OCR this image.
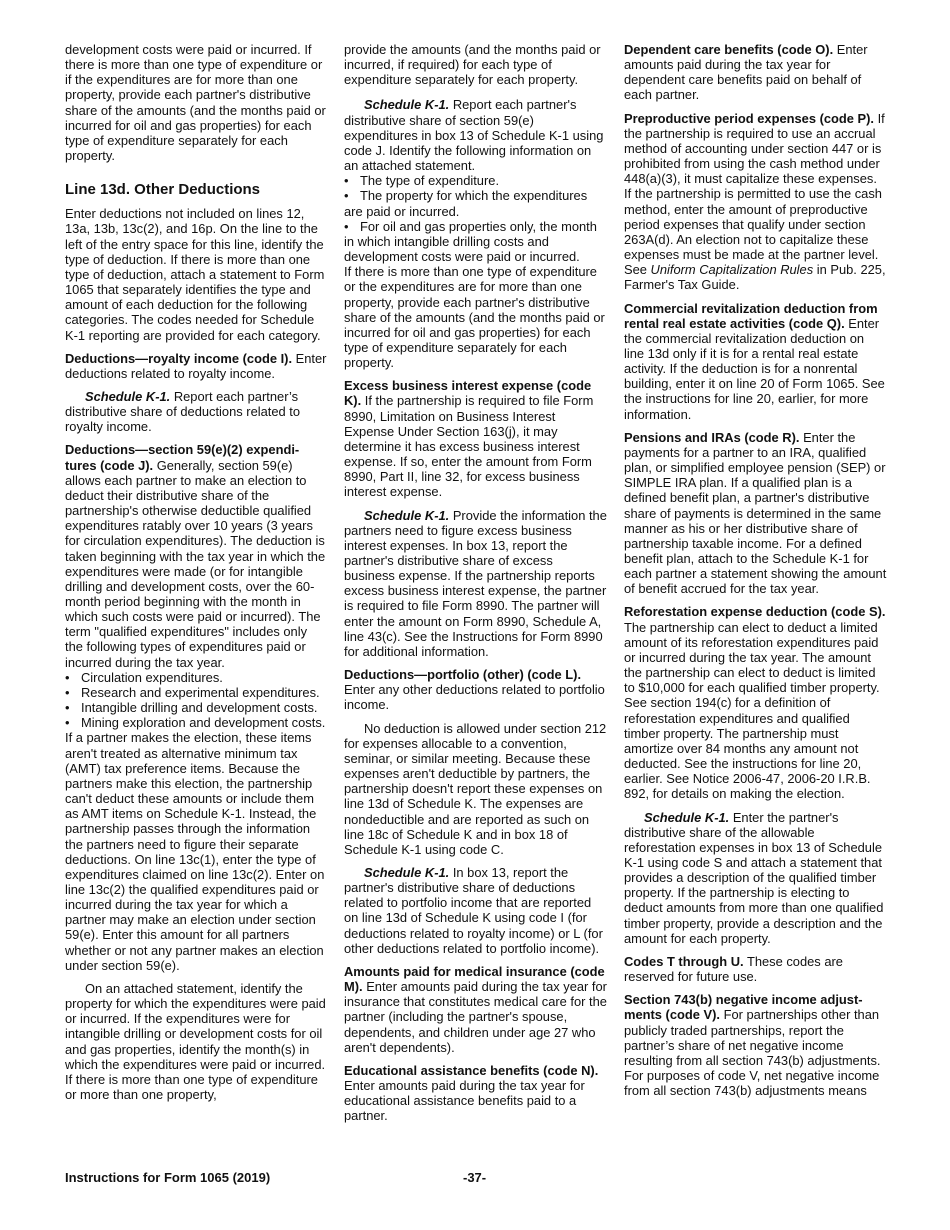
development costs were paid or incurred. If there is more than one type of expenditure or if the expenditures are for more than one property, provide each partner's distributive share of the amounts (and the months paid or incurred for oil and gas properties) for each type of expenditure separately for each property.

Line 13d. Other Deductions

Enter deductions not included on lines 12, 13a, 13b, 13c(2), and 16p. On the line to the left of the entry space for this line, identify the type of deduction. If there is more than one type of deduction, attach a statement to Form 1065 that separately identifies the type and amount of each deduction for the following categories. The codes needed for Schedule K-1 reporting are provided for each category.

Deductions—royalty income (code I). Enter deductions related to royalty income.

Schedule K-1. Report each partner’s distributive share of deductions related to royalty income.

Deductions—section 59(e)(2) expendi-tures (code J). Generally, section 59(e) allows each partner to make an election to deduct their distributive share of the partnership's otherwise deductible qualified expenditures ratably over 10 years (3 years for circulation expenditures). The deduction is taken beginning with the tax year in which the expenditures were made (or for intangible drilling and development costs, over the 60-month period beginning with the month in which such costs were paid or incurred). The term "qualified expenditures" includes only the following types of expenditures paid or incurred during the tax year.

• Circulation expenditures.
• Research and experimental expenditures.
• Intangible drilling and development costs.
• Mining exploration and development costs.

If a partner makes the election, these items aren't treated as alternative minimum tax (AMT) tax preference items. Because the partners make this election, the partnership can't deduct these amounts or include them as AMT items on Schedule K-1. Instead, the partnership passes through the information the partners need to figure their separate deductions. On line 13c(1), enter the type of expenditures claimed on line 13c(2). Enter on line 13c(2) the qualified expenditures paid or incurred during the tax year for which a partner may make an election under section 59(e). Enter this amount for all partners whether or not any partner makes an election under section 59(e).

On an attached statement, identify the property for which the expenditures were paid or incurred. If the expenditures were for intangible drilling or development costs for oil and gas properties, identify the month(s) in which the expenditures were paid or incurred. If there is more than one type of expenditure or more than one property,

provide the amounts (and the months paid or incurred, if required) for each type of expenditure separately for each property.

Schedule K-1. Report each partner's distributive share of section 59(e) expenditures in box 13 of Schedule K-1 using code J. Identify the following information on an attached statement.

• The type of expenditure.
• The property for which the expenditures are paid or incurred.
• For oil and gas properties only, the month in which intangible drilling costs and development costs were paid or incurred.

If there is more than one type of expenditure or the expenditures are for more than one property, provide each partner's distributive share of the amounts (and the months paid or incurred for oil and gas properties) for each type of expenditure separately for each property.

Excess business interest expense (code K). If the partnership is required to file Form 8990, Limitation on Business Interest Expense Under Section 163(j), it may determine it has excess business interest expense. If so, enter the amount from Form 8990, Part II, line 32, for excess business interest expense.

Schedule K-1. Provide the information the partners need to figure excess business interest expenses. In box 13, report the partner's distributive share of excess business expense. If the partnership reports excess business interest expense, the partner is required to file Form 8990. The partner will enter the amount on Form 8990, Schedule A, line 43(c). See the Instructions for Form 8990 for additional information.

Deductions—portfolio (other) (code L). Enter any other deductions related to portfolio income.

No deduction is allowed under section 212 for expenses allocable to a convention, seminar, or similar meeting. Because these expenses aren't deductible by partners, the partnership doesn't report these expenses on line 13d of Schedule K. The expenses are nondeductible and are reported as such on line 18c of Schedule K and in box 18 of Schedule K-1 using code C.

Schedule K-1. In box 13, report the partner's distributive share of deductions related to portfolio income that are reported on line 13d of Schedule K using code I (for deductions related to royalty income) or L (for other deductions related to portfolio income).

Amounts paid for medical insurance (code M). Enter amounts paid during the tax year for insurance that constitutes medical care for the partner (including the partner's spouse, dependents, and children under age 27 who aren't dependents).

Educational assistance benefits (code N). Enter amounts paid during the tax year for educational assistance benefits paid to a partner.

Dependent care benefits (code O). Enter amounts paid during the tax year for dependent care benefits paid on behalf of each partner.

Preproductive period expenses (code P). If the partnership is required to use an accrual method of accounting under section 447 or is prohibited from using the cash method under 448(a)(3), it must capitalize these expenses. If the partnership is permitted to use the cash method, enter the amount of preproductive period expenses that qualify under section 263A(d). An election not to capitalize these expenses must be made at the partner level. See Uniform Capitalization Rules in Pub. 225, Farmer's Tax Guide.

Commercial revitalization deduction from rental real estate activities (code Q). Enter the commercial revitalization deduction on line 13d only if it is for a rental real estate activity. If the deduction is for a nonrental building, enter it on line 20 of Form 1065. See the instructions for line 20, earlier, for more information.

Pensions and IRAs (code R). Enter the payments for a partner to an IRA, qualified plan, or simplified employee pension (SEP) or SIMPLE IRA plan. If a qualified plan is a defined benefit plan, a partner's distributive share of payments is determined in the same manner as his or her distributive share of partnership taxable income. For a defined benefit plan, attach to the Schedule K-1 for each partner a statement showing the amount of benefit accrued for the tax year.

Reforestation expense deduction (code S). The partnership can elect to deduct a limited amount of its reforestation expenditures paid or incurred during the tax year. The amount the partnership can elect to deduct is limited to $10,000 for each qualified timber property. See section 194(c) for a definition of reforestation expenditures and qualified timber property. The partnership must amortize over 84 months any amount not deducted. See the instructions for line 20, earlier. See Notice 2006-47, 2006-20 I.R.B. 892, for details on making the election.

Schedule K-1. Enter the partner's distributive share of the allowable reforestation expenses in box 13 of Schedule K-1 using code S and attach a statement that provides a description of the qualified timber property. If the partnership is electing to deduct amounts from more than one qualified timber property, provide a description and the amount for each property.

Codes T through U. These codes are reserved for future use.

Section 743(b) negative income adjust-ments (code V). For partnerships other than publicly traded partnerships, report the partner’s share of net negative income resulting from all section 743(b) adjustments. For purposes of code V, net negative income from all section 743(b) adjustments means

Instructions for Form 1065 (2019)	-37-
